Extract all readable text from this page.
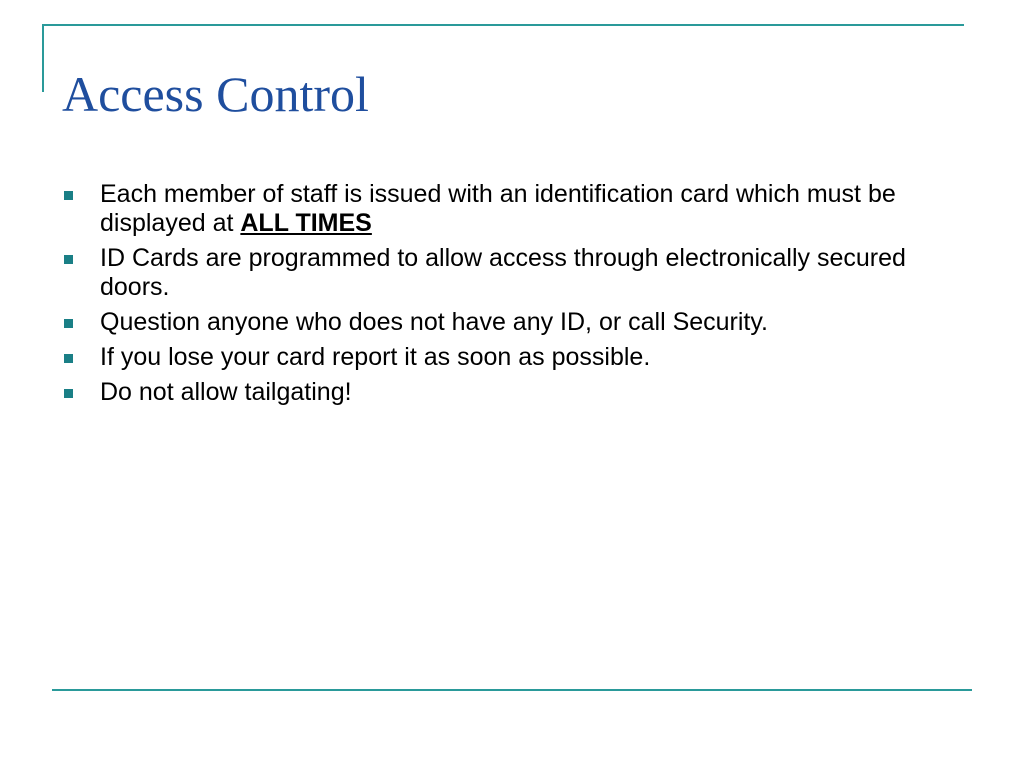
Access Control
Each member of staff is issued with an identification card which must be displayed at ALL TIMES
ID Cards are programmed to allow access through electronically secured doors.
Question anyone who does not have any ID, or call Security.
If you lose your card report it as soon as possible.
Do not allow tailgating!
